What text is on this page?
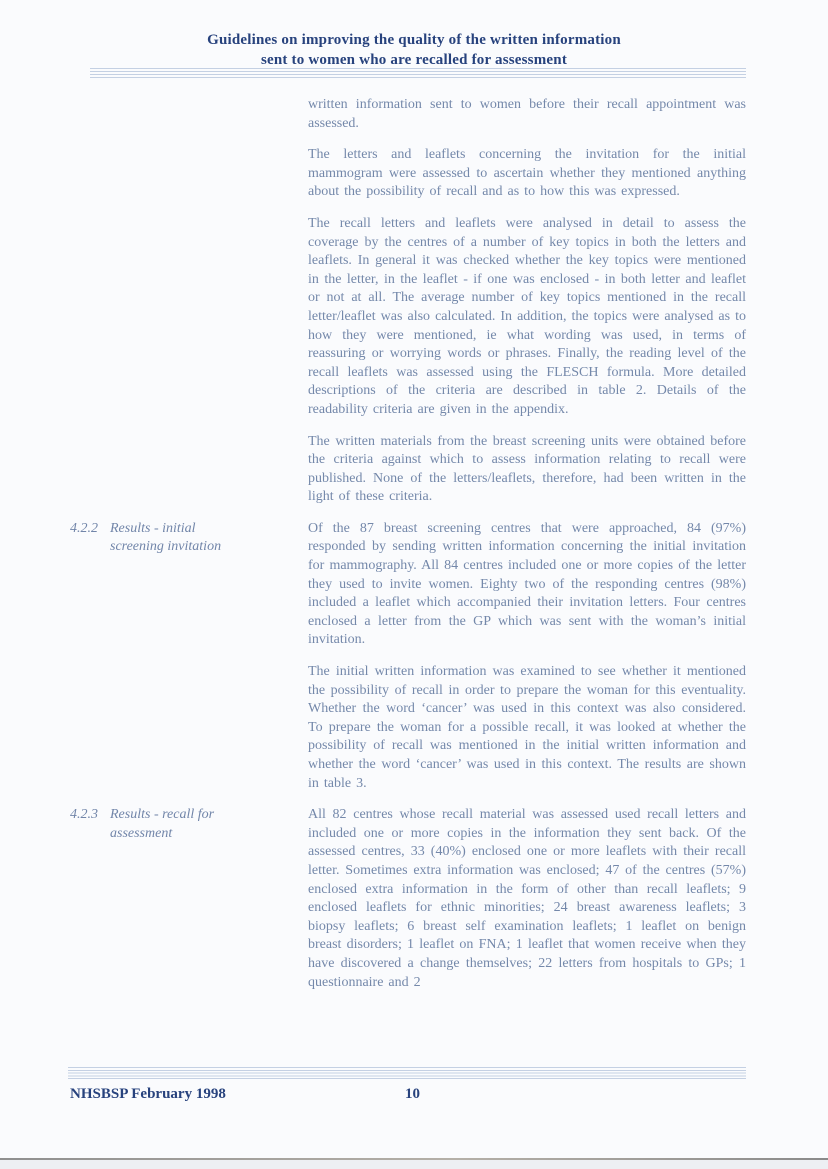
Guidelines on improving the quality of the written information
sent to women who are recalled for assessment

written information sent to women before their recall appointment was assessed.

The letters and leaflets concerning the invitation for the initial mammogram were assessed to ascertain whether they mentioned anything about the possibility of recall and as to how this was expressed.

The recall letters and leaflets were analysed in detail to assess the coverage by the centres of a number of key topics in both the letters and leaflets. In general it was checked whether the key topics were mentioned in the letter, in the leaflet - if one was enclosed - in both letter and leaflet or not at all. The average number of key topics mentioned in the recall letter/leaflet was also calculated. In addition, the topics were analysed as to how they were mentioned, ie what wording was used, in terms of reassuring or worrying words or phrases. Finally, the reading level of the recall leaflets was assessed using the FLESCH formula. More detailed descriptions of the criteria are described in table 2. Details of the readability criteria are given in the appendix.

The written materials from the breast screening units were obtained before the criteria against which to assess information relating to recall were published. None of the letters/leaflets, therefore, had been written in the light of these criteria.

4.2.2 Results - initial screening invitation

Of the 87 breast screening centres that were approached, 84 (97%) responded by sending written information concerning the initial invitation for mammography. All 84 centres included one or more copies of the letter they used to invite women. Eighty two of the responding centres (98%) included a leaflet which accompanied their invitation letters. Four centres enclosed a letter from the GP which was sent with the woman’s initial invitation.

The initial written information was examined to see whether it mentioned the possibility of recall in order to prepare the woman for this eventuality. Whether the word ‘cancer’ was used in this context was also considered. To prepare the woman for a possible recall, it was looked at whether the possibility of recall was mentioned in the initial written information and whether the word ‘cancer’ was used in this context. The results are shown in table 3.

4.2.3 Results - recall for assessment

All 82 centres whose recall material was assessed used recall letters and included one or more copies in the information they sent back. Of the assessed centres, 33 (40%) enclosed one or more leaflets with their recall letter. Sometimes extra information was enclosed; 47 of the centres (57%) enclosed extra information in the form of other than recall leaflets; 9 enclosed leaflets for ethnic minorities; 24 breast awareness leaflets; 3 biopsy leaflets; 6 breast self examination leaflets; 1 leaflet on benign breast disorders; 1 leaflet on FNA; 1 leaflet that women receive when they have discovered a change themselves; 22 letters from hospitals to GPs; 1 questionnaire and 2

NHSBSP February 1998	10
